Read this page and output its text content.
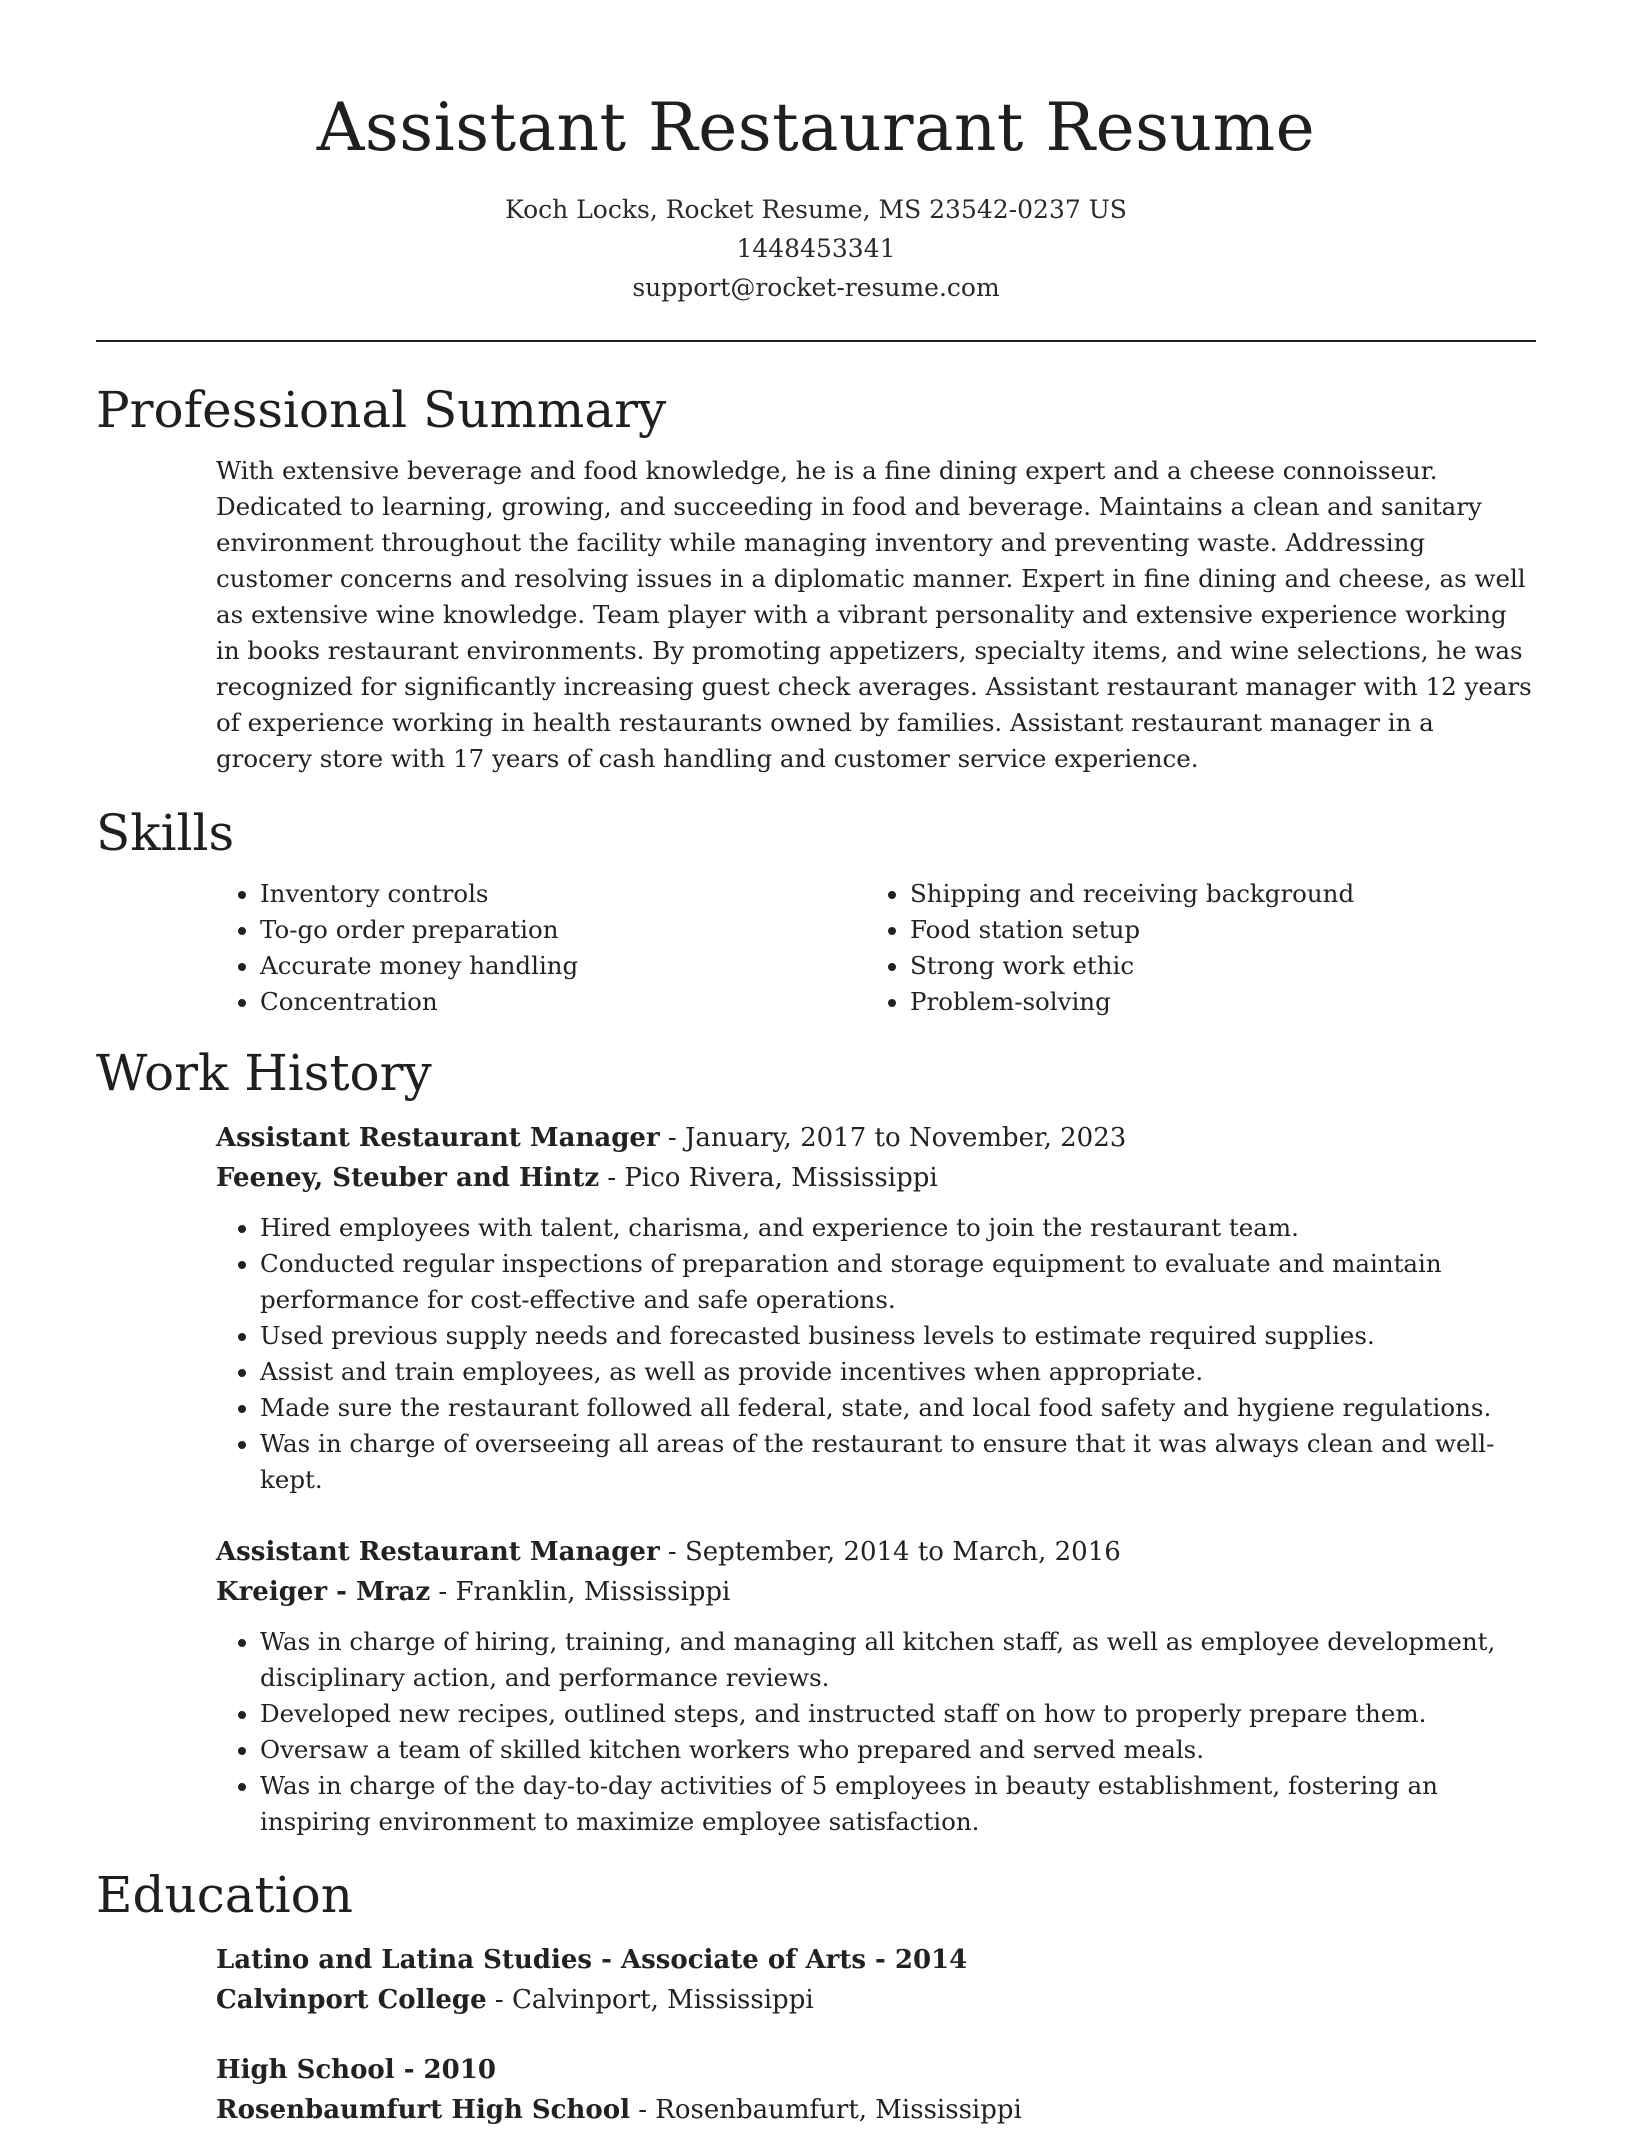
Assistant Restaurant Resume
Koch Locks, Rocket Resume, MS 23542-0237 US
1448453341
support@rocket-resume.com
Professional Summary
With extensive beverage and food knowledge, he is a fine dining expert and a cheese connoisseur. Dedicated to learning, growing, and succeeding in food and beverage. Maintains a clean and sanitary environment throughout the facility while managing inventory and preventing waste. Addressing customer concerns and resolving issues in a diplomatic manner. Expert in fine dining and cheese, as well as extensive wine knowledge. Team player with a vibrant personality and extensive experience working in books restaurant environments. By promoting appetizers, specialty items, and wine selections, he was recognized for significantly increasing guest check averages. Assistant restaurant manager with 12 years of experience working in health restaurants owned by families. Assistant restaurant manager in a grocery store with 17 years of cash handling and customer service experience.
Skills
• Inventory controls
• To-go order preparation
• Accurate money handling
• Concentration
• Shipping and receiving background
• Food station setup
• Strong work ethic
• Problem-solving
Work History
Assistant Restaurant Manager - January, 2017 to November, 2023
Feeney, Steuber and Hintz - Pico Rivera, Mississippi
• Hired employees with talent, charisma, and experience to join the restaurant team.
• Conducted regular inspections of preparation and storage equipment to evaluate and maintain performance for cost-effective and safe operations.
• Used previous supply needs and forecasted business levels to estimate required supplies.
• Assist and train employees, as well as provide incentives when appropriate.
• Made sure the restaurant followed all federal, state, and local food safety and hygiene regulations.
• Was in charge of overseeing all areas of the restaurant to ensure that it was always clean and well-kept.
Assistant Restaurant Manager - September, 2014 to March, 2016
Kreiger - Mraz - Franklin, Mississippi
• Was in charge of hiring, training, and managing all kitchen staff, as well as employee development, disciplinary action, and performance reviews.
• Developed new recipes, outlined steps, and instructed staff on how to properly prepare them.
• Oversaw a team of skilled kitchen workers who prepared and served meals.
• Was in charge of the day-to-day activities of 5 employees in beauty establishment, fostering an inspiring environment to maximize employee satisfaction.
Education
Latino and Latina Studies - Associate of Arts - 2014
Calvinport College - Calvinport, Mississippi
High School - 2010
Rosenbaumfurt High School - Rosenbaumfurt, Mississippi
